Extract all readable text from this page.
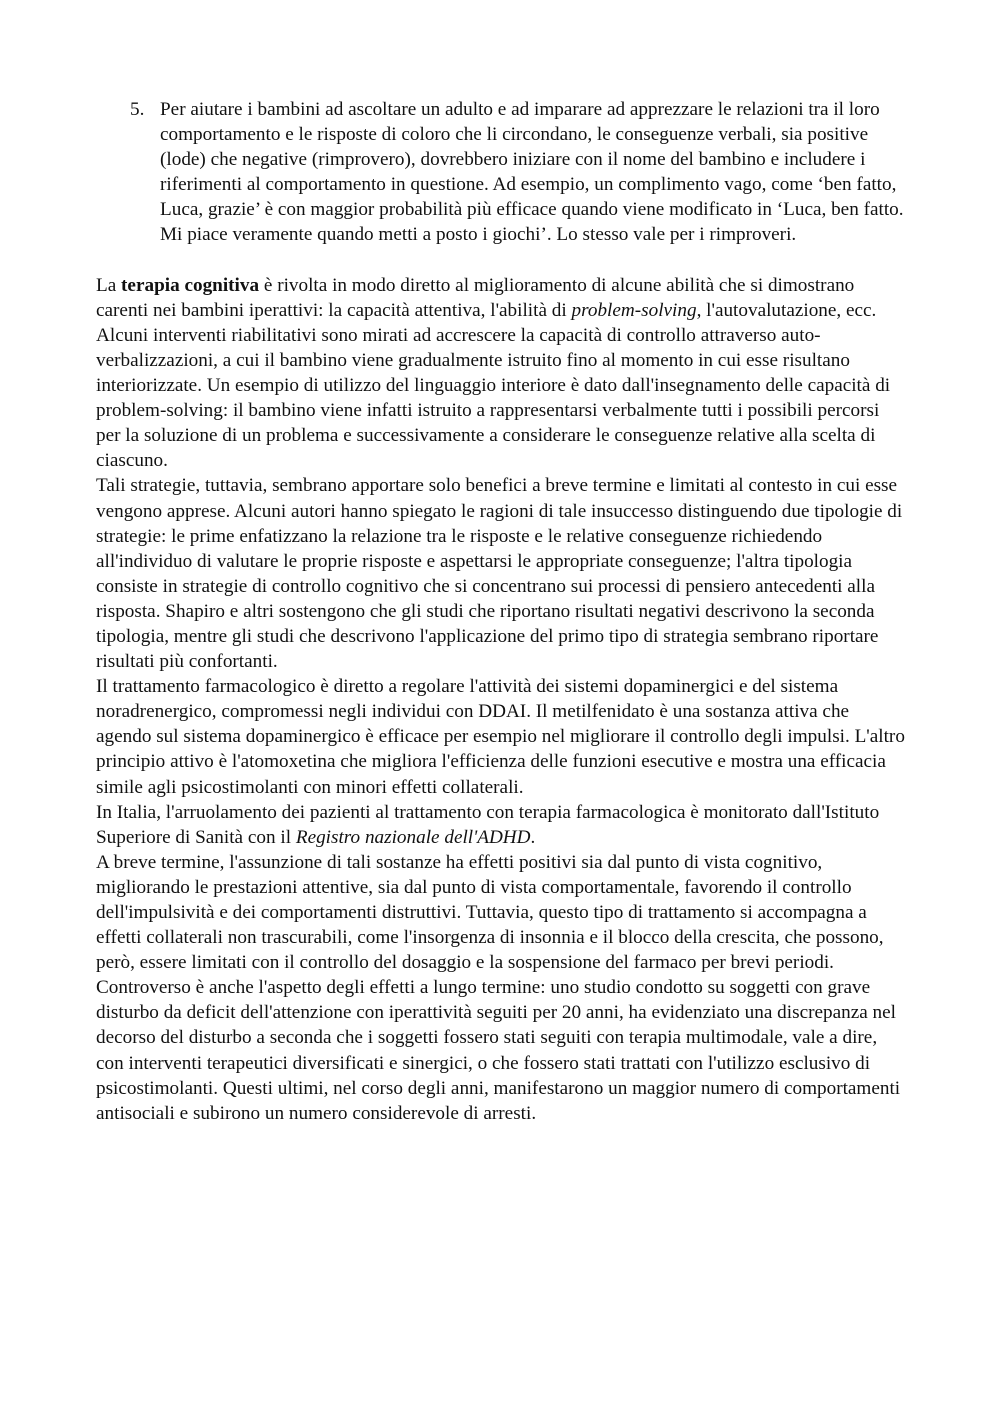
5. Per aiutare i bambini ad ascoltare un adulto e ad imparare ad apprezzare le relazioni tra il loro comportamento e le risposte di coloro che li circondano, le conseguenze verbali, sia positive (lode) che negative (rimprovero), dovrebbero iniziare con il nome del bambino e includere i riferimenti al comportamento in questione. Ad esempio, un complimento vago, come ‘ben fatto, Luca, grazie’ è con maggior probabilità più efficace quando viene modificato in ‘Luca, ben fatto. Mi piace veramente quando metti a posto i giochi’. Lo stesso vale per i rimproveri.

La terapia cognitiva è rivolta in modo diretto al miglioramento di alcune abilità che si dimostrano carenti nei bambini iperattivi: la capacità attentiva, l'abilità di problem-solving, l'autovalutazione, ecc.

Alcuni interventi riabilitativi sono mirati ad accrescere la capacità di controllo attraverso auto-verbalizzazioni, a cui il bambino viene gradualmente istruito fino al momento in cui esse risultano interiorizzate. Un esempio di utilizzo del linguaggio interiore è dato dall'insegnamento delle capacità di problem-solving: il bambino viene infatti istruito a rappresentarsi verbalmente tutti i possibili percorsi per la soluzione di un problema e successivamente a considerare le conseguenze relative alla scelta di ciascuno.

Tali strategie, tuttavia, sembrano apportare solo benefici a breve termine e limitati al contesto in cui esse vengono apprese. Alcuni autori hanno spiegato le ragioni di tale insuccesso distinguendo due tipologie di strategie: le prime enfatizzano la relazione tra le risposte e le relative conseguenze richiedendo all'individuo di valutare le proprie risposte e aspettarsi le appropriate conseguenze; l'altra tipologia consiste in strategie di controllo cognitivo che si concentrano sui processi di pensiero antecedenti alla risposta. Shapiro e altri sostengono che gli studi che riportano risultati negativi descrivono la seconda tipologia, mentre gli studi che descrivono l'applicazione del primo tipo di strategia sembrano riportare risultati più confortanti.

Il trattamento farmacologico è diretto a regolare l'attività dei sistemi dopaminergici e del sistema noradrenergico, compromessi negli individui con DDAI. Il metilfenidato è una sostanza attiva che agendo sul sistema dopaminergico è efficace per esempio nel migliorare il controllo degli impulsi. L'altro principio attivo è l'atomoxetina che migliora l'efficienza delle funzioni esecutive e mostra una efficacia simile agli psicostimolanti con minori effetti collaterali.

In Italia, l'arruolamento dei pazienti al trattamento con terapia farmacologica è monitorato dall'Istituto Superiore di Sanità con il Registro nazionale dell'ADHD.

A breve termine, l'assunzione di tali sostanze ha effetti positivi sia dal punto di vista cognitivo, migliorando le prestazioni attentive, sia dal punto di vista comportamentale, favorendo il controllo dell'impulsività e dei comportamenti distruttivi. Tuttavia, questo tipo di trattamento si accompagna a effetti collaterali non trascurabili, come l'insorgenza di insonnia e il blocco della crescita, che possono, però, essere limitati con il controllo del dosaggio e la sospensione del farmaco per brevi periodi.

Controverso è anche l'aspetto degli effetti a lungo termine: uno studio condotto su soggetti con grave disturbo da deficit dell'attenzione con iperattività seguiti per 20 anni, ha evidenziato una discrepanza nel decorso del disturbo a seconda che i soggetti fossero stati seguiti con terapia multimodale, vale a dire, con interventi terapeutici diversificati e sinergici, o che fossero stati trattati con l'utilizzo esclusivo di psicostimolanti. Questi ultimi, nel corso degli anni, manifestarono un maggior numero di comportamenti antisociali e subirono un numero considerevole di arresti.
